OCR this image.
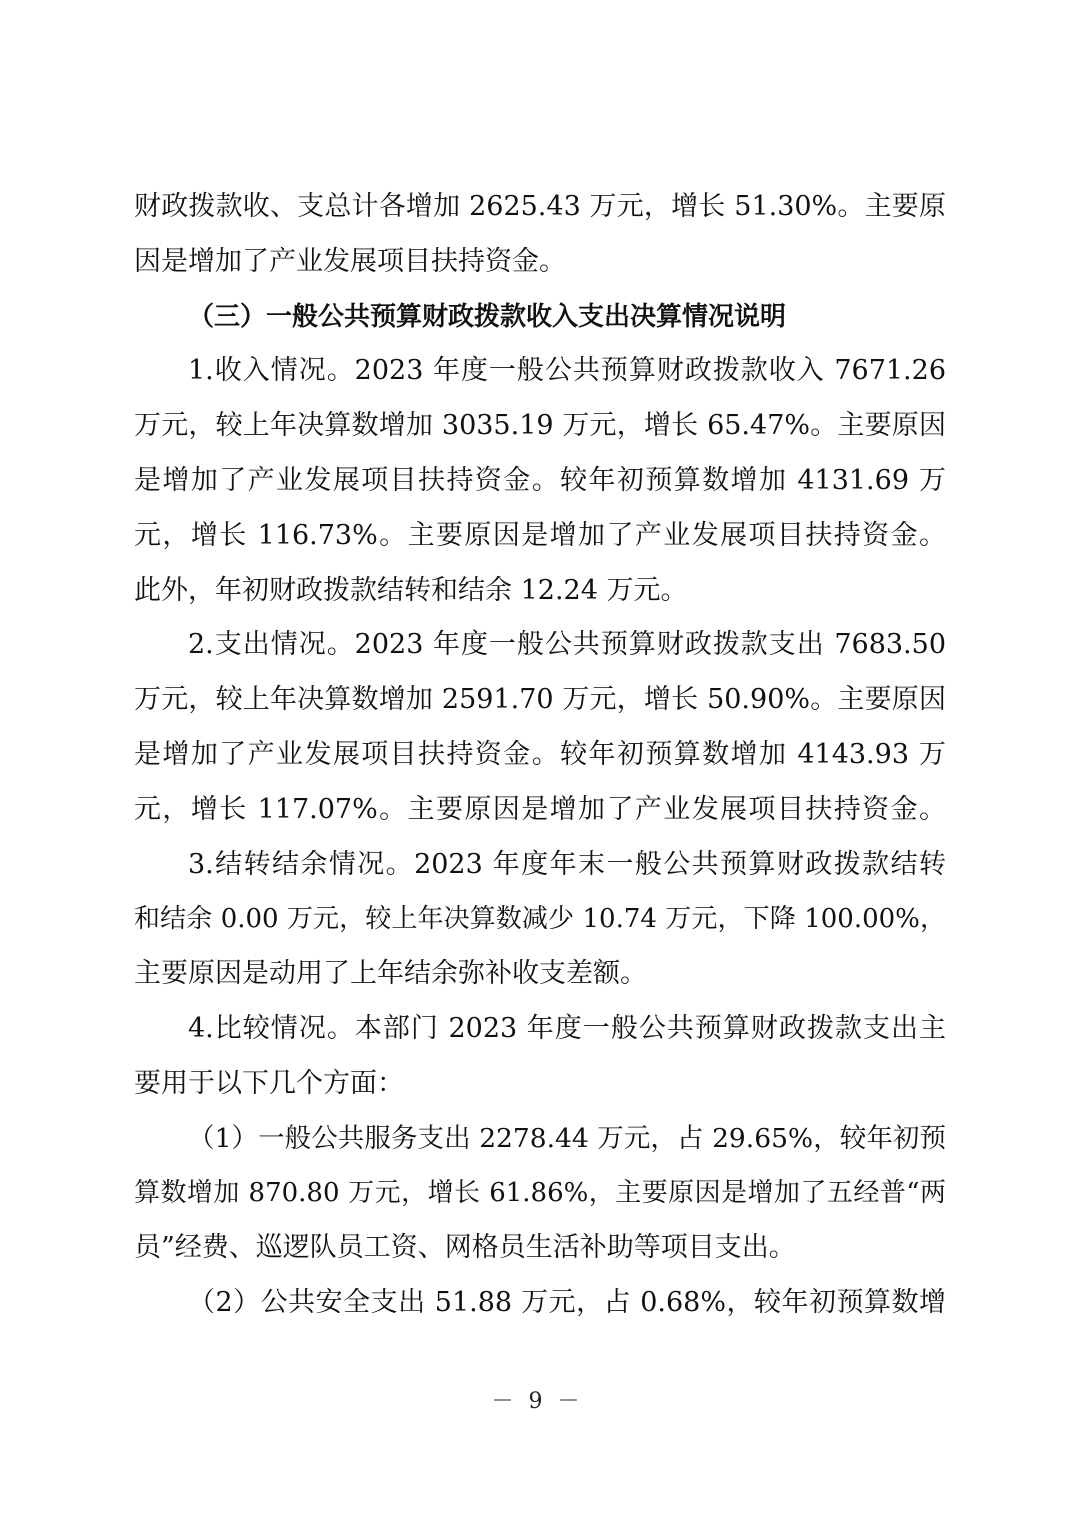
财政拨款收、支总计各增加 2625.43 万元，增长 51.30%。主要原
因是增加了产业发展项目扶持资金。
（三）一般公共预算财政拨款收入支出决算情况说明
1.收入情况。2023 年度一般公共预算财政拨款收入 7671.26
万元，较上年决算数增加 3035.19 万元，增长 65.47%。主要原因
是增加了产业发展项目扶持资金。较年初预算数增加 4131.69 万
元，增长 116.73%。主要原因是增加了产业发展项目扶持资金。
此外，年初财政拨款结转和结余 12.24 万元。
2.支出情况。2023 年度一般公共预算财政拨款支出 7683.50
万元，较上年决算数增加 2591.70 万元，增长 50.90%。主要原因
是增加了产业发展项目扶持资金。较年初预算数增加 4143.93 万
元，增长 117.07%。主要原因是增加了产业发展项目扶持资金。
3.结转结余情况。2023 年度年末一般公共预算财政拨款结转
和结余 0.00 万元，较上年决算数减少 10.74 万元，下降 100.00%，
主要原因是动用了上年结余弥补收支差额。
4.比较情况。本部门 2023 年度一般公共预算财政拨款支出主
要用于以下几个方面：
（1）一般公共服务支出 2278.44 万元，占 29.65%，较年初预
算数增加 870.80 万元，增长 61.86%，主要原因是增加了五经普“两
员”经费、巡逻队员工资、网格员生活补助等项目支出。
（2）公共安全支出 51.88 万元，占 0.68%，较年初预算数增
－ 9 －
